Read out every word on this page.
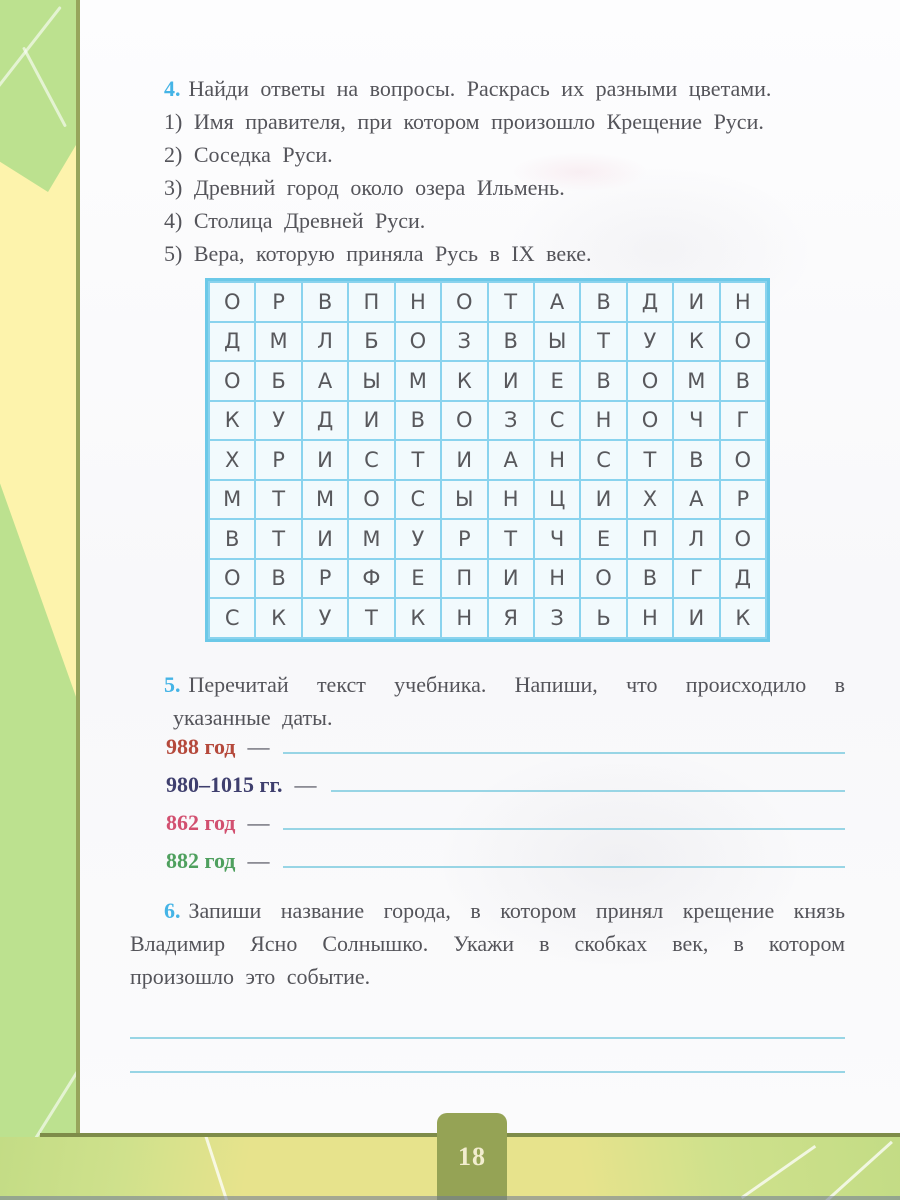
4. Найди ответы на вопросы. Раскрась их разными цветами.

1) Имя правителя, при котором произошло Крещение Руси.

2) Соседка Руси.

3) Древний город около озера Ильмень.

4) Столица Древней Руси.

5) Вера, которую приняла Русь в IX веке.

О	Р	В	П	Н	О	Т	А	В	Д	И	Н
Д	М	Л	Б	О	З	В	Ы	Т	У	К	О
О	Б	А	Ы	М	К	И	Е	В	О	М	В
К	У	Д	И	В	О	З	С	Н	О	Ч	Г
Х	Р	И	С	Т	И	А	Н	С	Т	В	О
М	Т	М	О	С	Ы	Н	Ц	И	Х	А	Р
В	Т	И	М	У	Р	Т	Ч	Е	П	Л	О
О	В	Р	Ф	Е	П	И	Н	О	В	Г	Д
С	К	У	Т	К	Н	Я	З	Ь	Н	И	К

5. Перечитай текст учебника. Напиши, что происходило в указанные даты.

988 год —
980–1015 гг. —
862 год —
882 год —

6. Запиши название города, в котором принял крещение князь Владимир Ясно Солнышко. Укажи в скобках век, в котором произошло это событие.

18
